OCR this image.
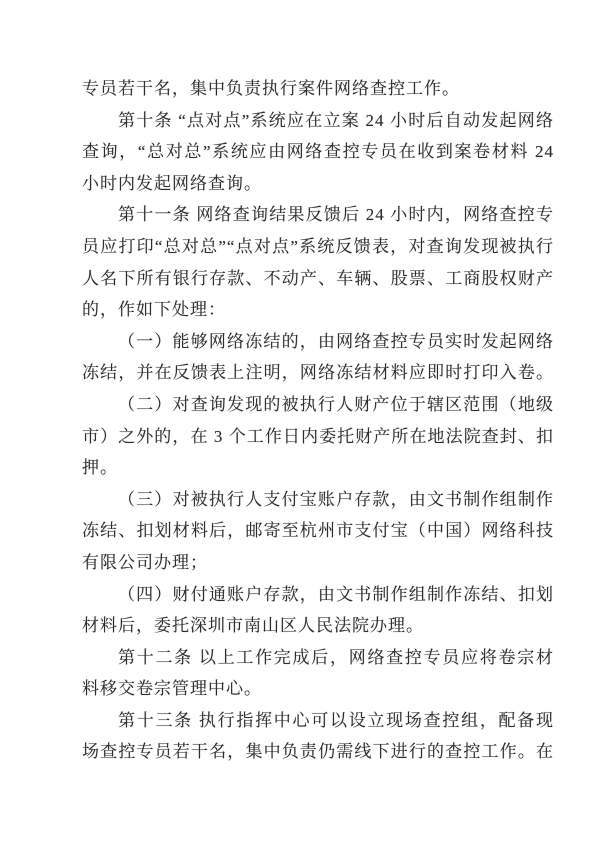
专员若干名，集中负责执行案件网络查控工作。
第十条 “点对点”系统应在立案 24 小时后自动发起网络
查询，“总对总”系统应由网络查控专员在收到案卷材料 24
小时内发起网络查询。
第十一条 网络查询结果反馈后 24 小时内，网络查控专
员应打印“总对总”“点对点”系统反馈表，对查询发现被执行
人名下所有银行存款、不动产、车辆、股票、工商股权财产
的，作如下处理：
（一）能够网络冻结的，由网络查控专员实时发起网络
冻结，并在反馈表上注明，网络冻结材料应即时打印入卷。
（二）对查询发现的被执行人财产位于辖区范围（地级
市）之外的，在 3 个工作日内委托财产所在地法院查封、扣
押。
（三）对被执行人支付宝账户存款，由文书制作组制作
冻结、扣划材料后，邮寄至杭州市支付宝（中国）网络科技
有限公司办理；
（四）财付通账户存款，由文书制作组制作冻结、扣划
材料后，委托深圳市南山区人民法院办理。
第十二条 以上工作完成后，网络查控专员应将卷宗材
料移交卷宗管理中心。
第十三条 执行指挥中心可以设立现场查控组，配备现
场查控专员若干名，集中负责仍需线下进行的查控工作。在
